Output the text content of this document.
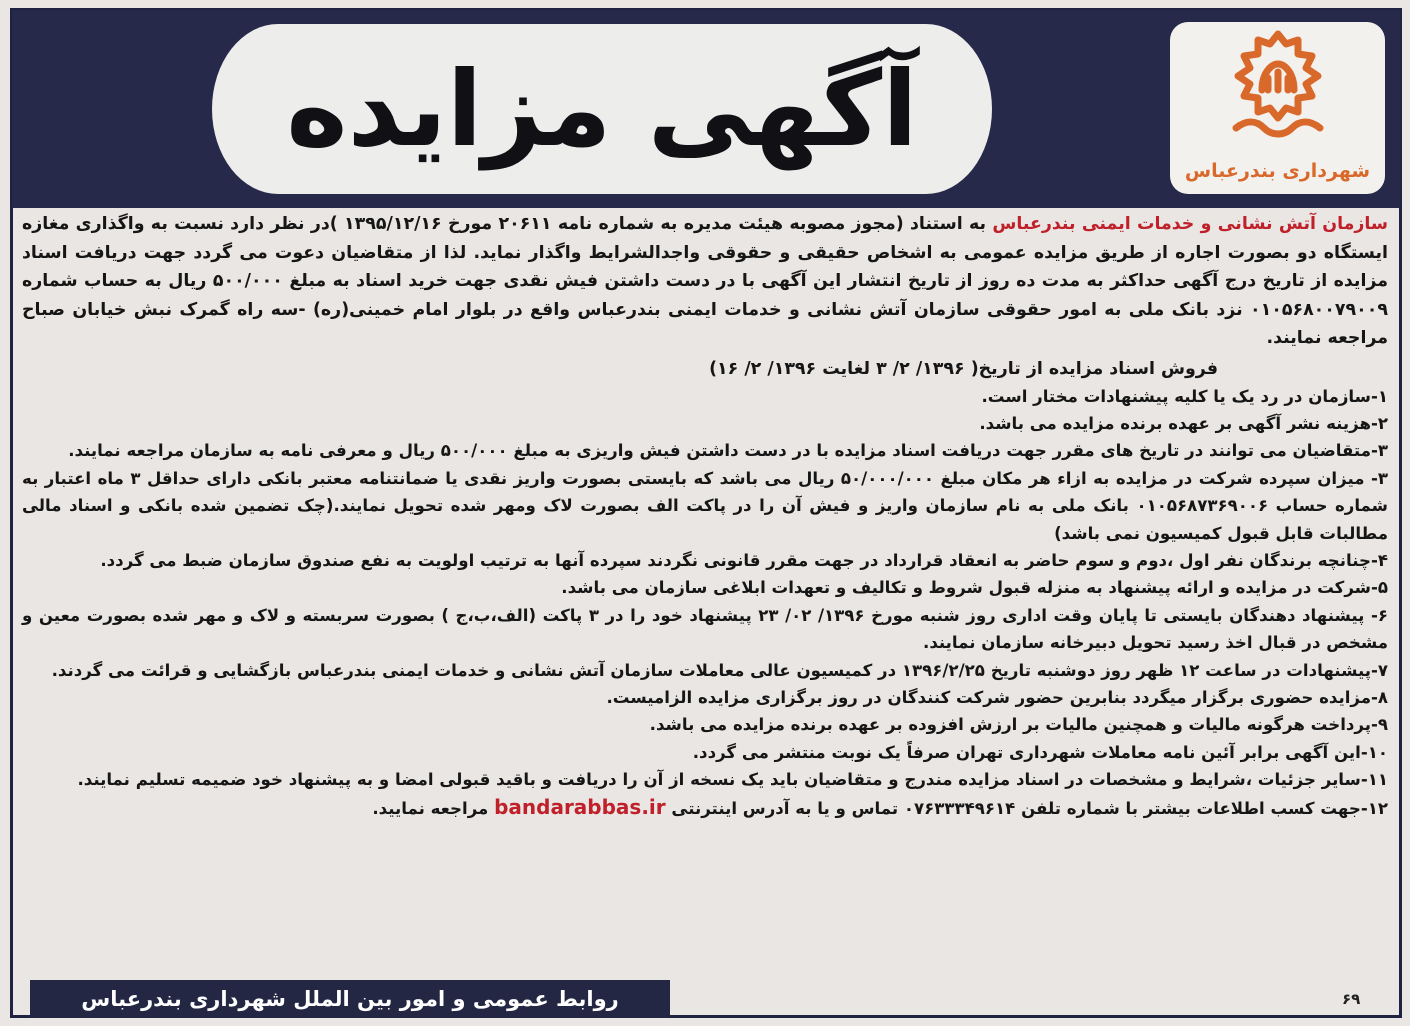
آگهی مزایده
شهرداری بندرعباس

سازمان آتش نشانی و خدمات ایمنی بندرعباس به استناد (مجوز مصوبه هیئت مدیره به شماره نامه ۲۰۶۱۱ مورخ ۱۳۹۵/۱۲/۱۶ )در نظر دارد نسبت به واگذاری مغازه ایستگاه دو بصورت اجاره از طریق مزایده عمومی به اشخاص حقیقی و حقوقی واجدالشرایط واگذار نماید. لذا از متقاضیان دعوت می گردد جهت دریافت اسناد مزایده از تاریخ درج آگهی حداکثر به مدت ده روز از تاریخ انتشار این آگهی با در دست داشتن فیش نقدی جهت خرید اسناد به مبلغ ۵۰۰/۰۰۰ ریال به حساب شماره ۰۱۰۵۶۸۰۰۷۹۰۰۹ نزد بانک ملی به امور حقوقی سازمان آتش نشانی و خدمات ایمنی بندرعباس واقع در بلوار امام خمینی(ره) -سه راه گمرک نبش خیابان صباح مراجعه نمایند.

فروش اسناد مزایده از تاریخ( ۱۳۹۶/ ۲/ ۳ لغایت ۱۳۹۶/ ۲/ ۱۶)

۱-سازمان در رد یک یا کلیه پیشنهادات مختار است.
۲-هزینه نشر آگهی بر عهده برنده مزایده می باشد.
۳-متقاضیان می توانند در تاریخ های مقرر جهت دریافت اسناد مزایده با در دست داشتن فیش واریزی به مبلغ ۵۰۰/۰۰۰ ریال و معرفی نامه به سازمان مراجعه نمایند.
۳- میزان سپرده شرکت در مزایده به ازاء هر مکان مبلغ ۵۰/۰۰۰/۰۰۰ ریال می باشد که بایستی بصورت واریز نقدی یا ضمانتنامه معتبر بانکی دارای حداقل ۳ ماه اعتبار به شماره حساب ۰۱۰۵۶۸۷۳۶۹۰۰۶ بانک ملی به نام سازمان واریز و فیش آن را در پاکت الف بصورت لاک ومهر شده تحویل نمایند.(چک تضمین شده بانکی و اسناد مالی مطالبات قابل قبول کمیسیون نمی باشد)
۴-چنانچه برندگان نفر اول ،دوم و سوم حاضر به انعقاد قرارداد در جهت مقرر قانونی نگردند سپرده آنها به ترتیب اولویت به نفع صندوق سازمان ضبط می گردد.
۵-شرکت در مزایده و ارائه پیشنهاد به منزله قبول شروط و تکالیف و تعهدات ابلاغی سازمان می باشد.
۶- پیشنهاد دهندگان بایستی تا پایان وقت اداری روز شنبه مورخ ۱۳۹۶/ ۰۲/ ۲۳ پیشنهاد خود را در ۳ پاکت (الف،ب،ج ) بصورت سربسته و لاک و مهر شده بصورت معین و مشخص در قبال اخذ رسید تحویل دبیرخانه سازمان نمایند.
۷-پیشنهادات در ساعت ۱۲ ظهر روز دوشنبه تاریخ ۱۳۹۶/۲/۲۵ در کمیسیون عالی معاملات سازمان آتش نشانی و خدمات ایمنی بندرعباس بازگشایی و قرائت می گردند.
۸-مزایده حضوری برگزار میگردد بنابرین حضور شرکت کنندگان در روز برگزاری مزایده الزامیست.
۹-پرداخت هرگونه مالیات و همچنین مالیات بر ارزش افزوده بر عهده برنده مزایده می باشد.
۱۰-این آگهی برابر آئین نامه معاملات شهرداری تهران صرفاً یک نوبت منتشر می گردد.
۱۱-سایر جزئیات ،شرایط و مشخصات در اسناد مزایده مندرج و متقاضیان باید یک نسخه از آن را دریافت و باقید قبولی امضا و به پیشنهاد خود ضمیمه تسلیم نمایند.
۱۲-جهت کسب اطلاعات بیشتر با شماره تلفن ۰۷۶۳۳۳۴۹۶۱۴ تماس و یا به آدرس اینترنتی bandarabbas.ir مراجعه نمایید.
روابط عمومی و امور بین الملل شهرداری بندرعباس	۶۹
